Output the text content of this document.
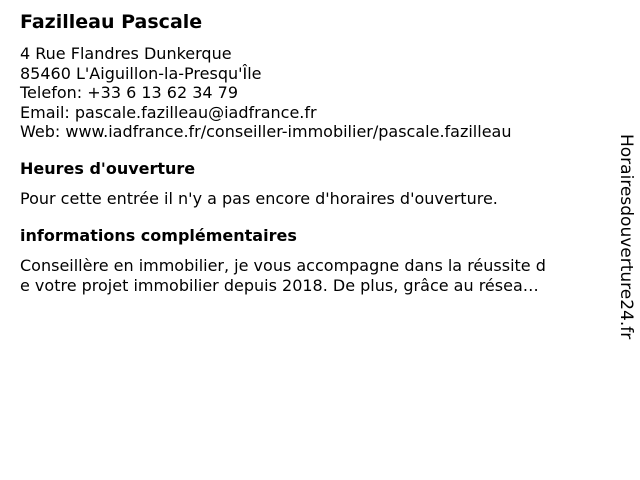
Fazilleau Pascale
4 Rue Flandres Dunkerque
85460 L'Aiguillon-la-Presqu'Île
Telefon: +33 6 13 62 34 79
Email: pascale.fazilleau@iadfrance.fr
Web: www.iadfrance.fr/conseiller-immobilier/pascale.fazilleau
Heures d'ouverture
Pour cette entrée il n'y a pas encore d'horaires d'ouverture.
informations complémentaires
Conseillère en immobilier, je vous accompagne dans la réussite d
e votre projet immobilier depuis 2018. De plus, grâce au résea…	Horairesdouverture24.fr
